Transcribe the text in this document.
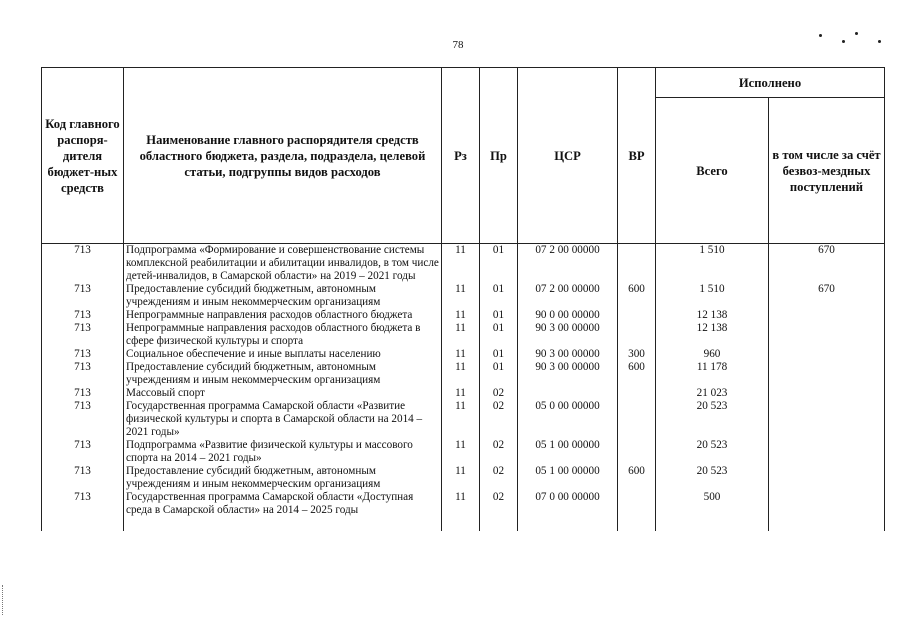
78
Код главного распоря-дителя бюджет-ных средств	Наименование главного распорядителя средств областного бюджета, раздела, подраздела, целевой статьи, подгруппы видов расходов	Рз	Пр	ЦСР	ВР	Исполнено	
						Всего	в том числе за счёт безвоз-мездных поступлений
713	Подпрограмма «Формирование и совершенствование системы комплексной реабилитации и абилитации инвалидов, в том числе детей-инвалидов, в Самарской области» на 2019 – 2021 годы	11	01	07 2 00 00000		1 510	670
713	Предоставление субсидий бюджетным, автономным учреждениям и иным некоммерческим организациям	11	01	07 2 00 00000	600	1 510	670
713	Непрограммные направления расходов областного бюджета	11	01	90 0 00 00000		12 138	
713	Непрограммные направления расходов областного бюджета в сфере физической культуры и спорта	11	01	90 3 00 00000		12 138	
713	Социальное обеспечение и иные выплаты населению	11	01	90 3 00 00000	300	960	
713	Предоставление субсидий бюджетным, автономным учреждениям и иным некоммерческим организациям	11	01	90 3 00 00000	600	11 178	
713	Массовый спорт	11	02			21 023	
713	Государственная программа Самарской области «Развитие физической культуры и спорта в Самарской области на 2014 – 2021 годы»	11	02	05 0 00 00000		20 523	
713	Подпрограмма «Развитие физической культуры и массового спорта на 2014 – 2021 годы»	11	02	05 1 00 00000		20 523	
713	Предоставление субсидий бюджетным, автономным учреждениям и иным некоммерческим организациям	11	02	05 1 00 00000	600	20 523	
713	Государственная программа Самарской области «Доступная среда в Самарской области» на 2014 – 2025 годы	11	02	07 0 00 00000		500	
